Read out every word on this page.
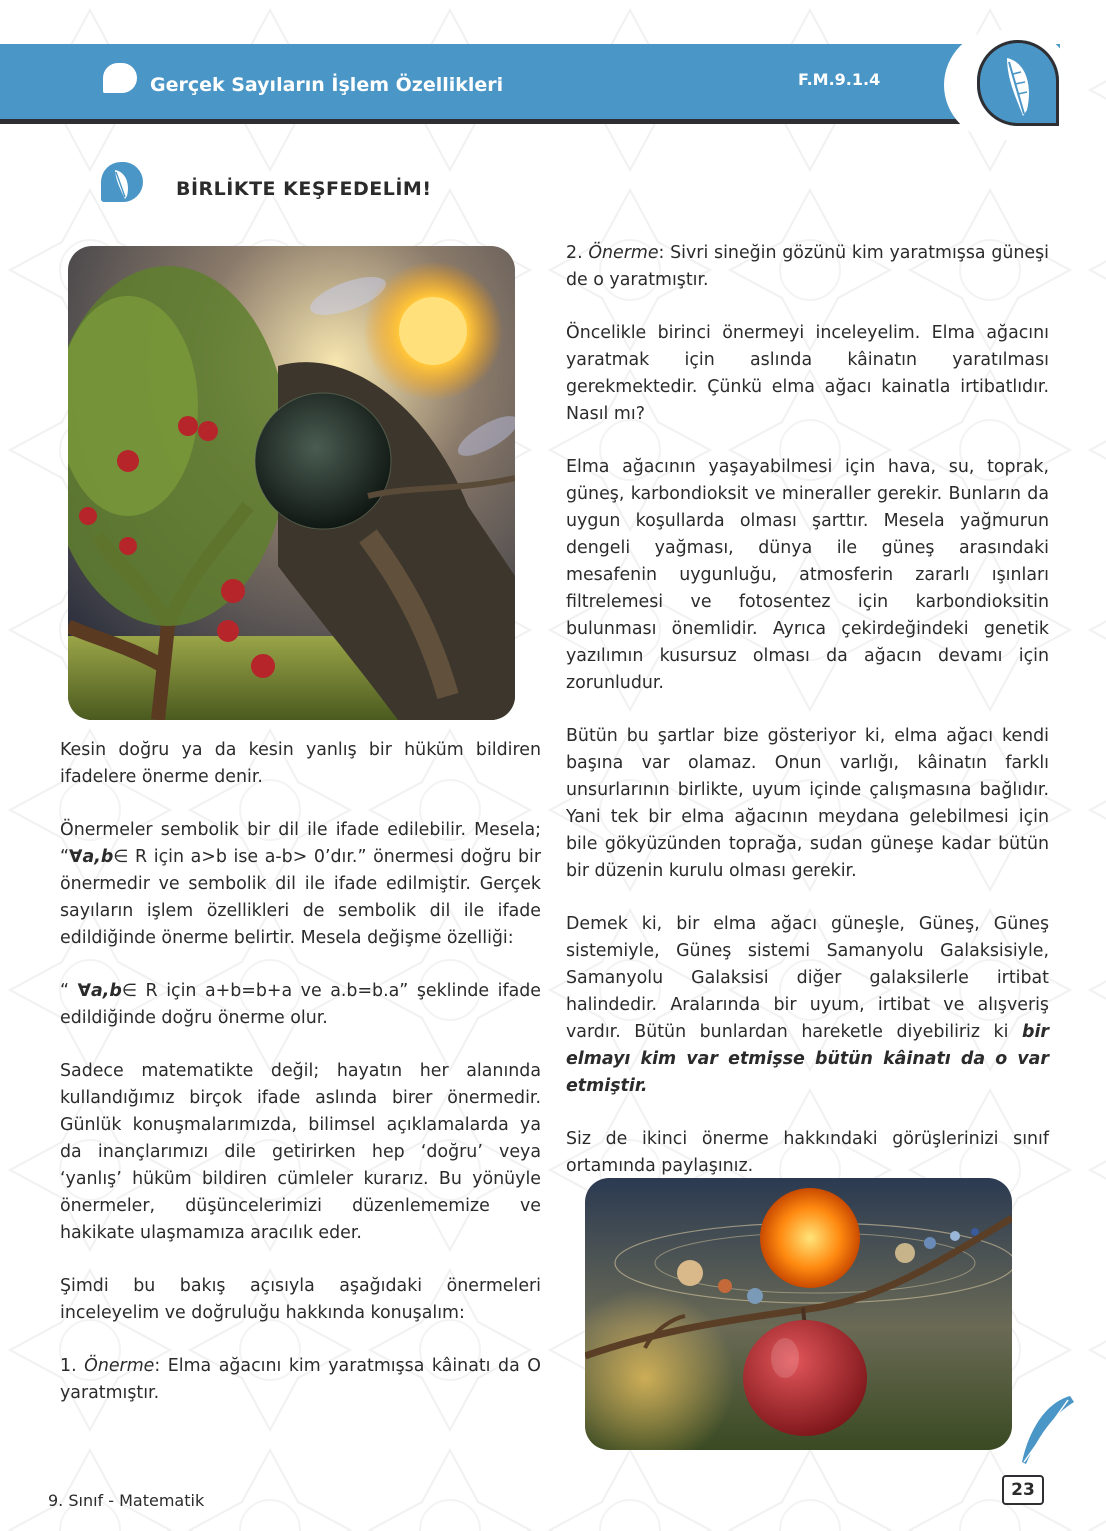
Gerçek Sayıların İşlem Özellikleri	F.M.9.1.4
BİRLİKTE KEŞFEDELİM!

Kesin doğru ya da kesin yanlış bir hüküm bildiren ifadelere önerme denir.

Önermeler sembolik bir dil ile ifade edilebilir. Mesela; “∀a,b∈ R için a>b ise a-b> 0’dır.” önermesi doğru bir önermedir ve sembolik dil ile ifade edilmiştir. Gerçek sayıların işlem özellikleri de sembolik dil ile ifade edildiğinde önerme belirtir. Mesela değişme özelliği:

“ ∀a,b∈ R için a+b=b+a ve a.b=b.a” şeklinde ifade edildiğinde doğru önerme olur.

Sadece matematikte değil; hayatın her alanında kullandığımız birçok ifade aslında birer önermedir. Günlük konuşmalarımızda, bilimsel açıklamalarda ya da inançlarımızı dile getirirken hep ‘doğru’ veya ‘yanlış’ hüküm bildiren cümleler kurarız. Bu yönüyle önermeler, düşüncelerimizi düzenlememize ve hakikate ulaşmamıza aracılık eder.

Şimdi bu bakış açısıyla aşağıdaki önermeleri inceleyelim ve doğruluğu hakkında konuşalım:

1. Önerme: Elma ağacını kim yaratmışsa kâinatı da O yaratmıştır.

2. Önerme: Sivri sineğin gözünü kim yaratmışsa güneşi de o yaratmıştır.

Öncelikle birinci önermeyi inceleyelim. Elma ağacını yaratmak için aslında kâinatın yaratılması gerekmektedir. Çünkü elma ağacı kainatla irtibatlıdır. Nasıl mı?

Elma ağacının yaşayabilmesi için hava, su, toprak, güneş, karbondioksit ve mineraller gerekir. Bunların da uygun koşullarda olması şarttır. Mesela yağmurun dengeli yağması, dünya ile güneş arasındaki mesafenin uygunluğu, atmosferin zararlı ışınları filtrelemesi ve fotosentez için karbondioksitin bulunması önemlidir. Ayrıca çekirdeğindeki genetik yazılımın kusursuz olması da ağacın devamı için zorunludur.

Bütün bu şartlar bize gösteriyor ki, elma ağacı kendi başına var olamaz. Onun varlığı, kâinatın farklı unsurlarının birlikte, uyum içinde çalışmasına bağlıdır. Yani tek bir elma ağacının meydana gelebilmesi için bile gökyüzünden toprağa, sudan güneşe kadar bütün bir düzenin kurulu olması gerekir.

Demek ki, bir elma ağacı güneşle, Güneş, Güneş sistemiyle, Güneş sistemi Samanyolu Galaksisiyle, Samanyolu Galaksisi diğer galaksilerle irtibat halindedir. Aralarında bir uyum, irtibat ve alışveriş vardır. Bütün bunlardan hareketle diyebiliriz ki bir elmayı kim var etmişse bütün kâinatı da o var etmiştir.

Siz de ikinci önerme hakkındaki görüşlerinizi sınıf ortamında paylaşınız.

9. Sınıf - Matematik
23
